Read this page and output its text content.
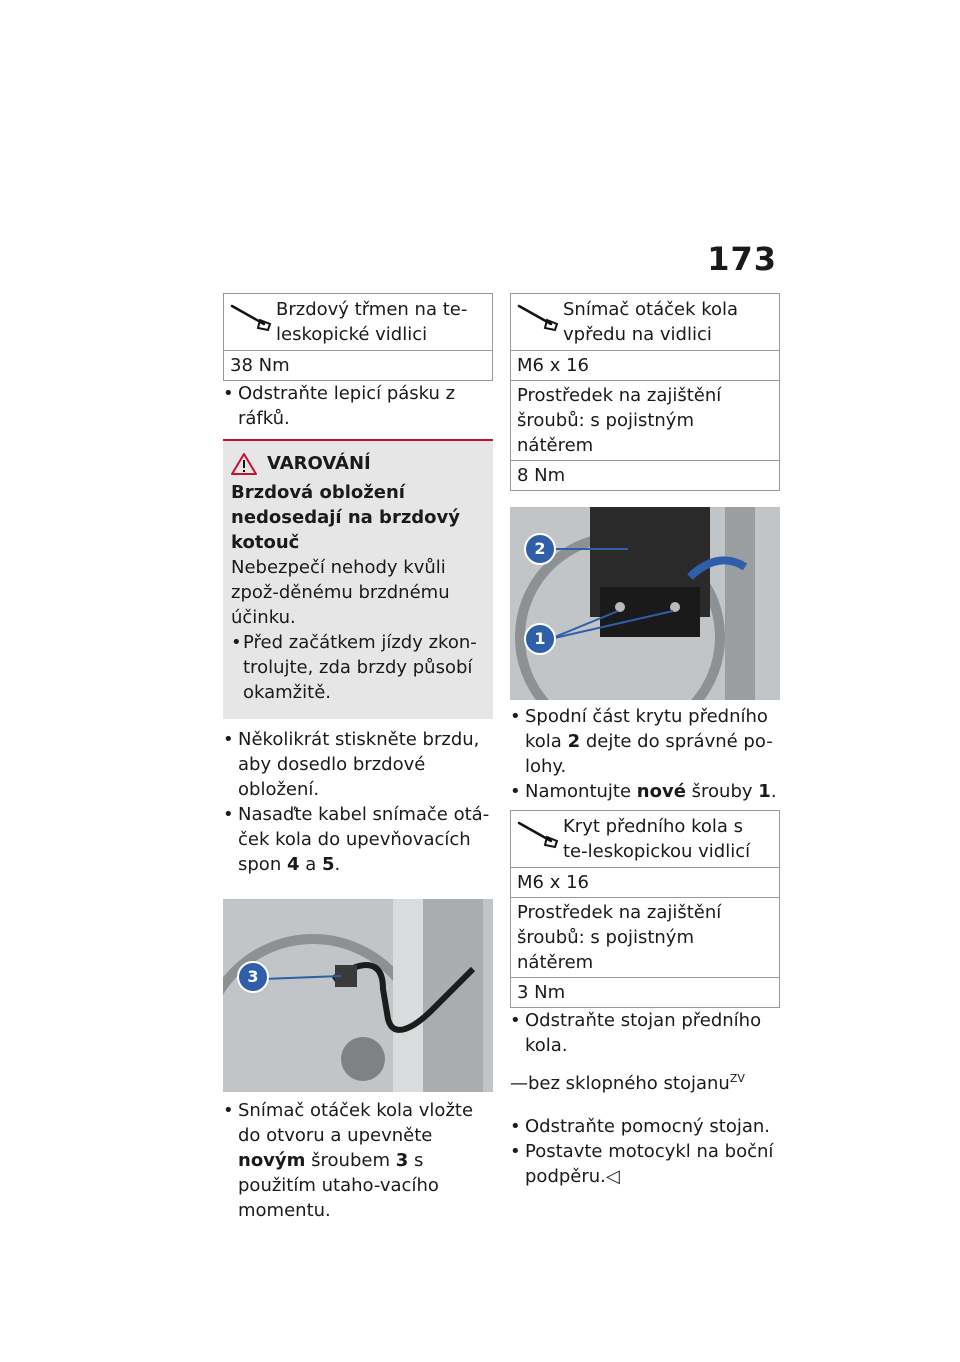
173
Brzdový třmen na te-leskopické vidlici
38 Nm

• Odstraňte lepicí pásku z ráfků.

VAROVÁNÍ
Brzdová obložení nedosedají na brzdový kotouč
Nebezpečí nehody kvůli zpož-děnému brzdnému účinku.
• Před začátkem jízdy zkon-trolujte, zda brzdy působí okamžitě.

• Několikrát stiskněte brzdu, aby dosedlo brzdové obložení.

• Nasaďte kabel snímače otá-ček kola do upevňovacích spon 4 a 5.

3

• Snímač otáček kola vložte do otvoru a upevněte novým šroubem 3 s použitím utaho-vacího momentu.

Snímač otáček kola vpředu na vidlici
M6 x 16
Prostředek na zajištění šroubů: s pojistným nátěrem
8 Nm
2
1

• Spodní část krytu předního kola 2 dejte do správné po-lohy.

• Namontujte nové šrouby 1.

Kryt předního kola s te-leskopickou vidlicí
M6 x 16
Prostředek na zajištění šroubů: s pojistným nátěrem
3 Nm

• Odstraňte stojan předního kola.

—bez sklopného stojanu$^{ZV}$

• Odstraňte pomocný stojan.

• Postavte motocykl na boční podpěru.◁
